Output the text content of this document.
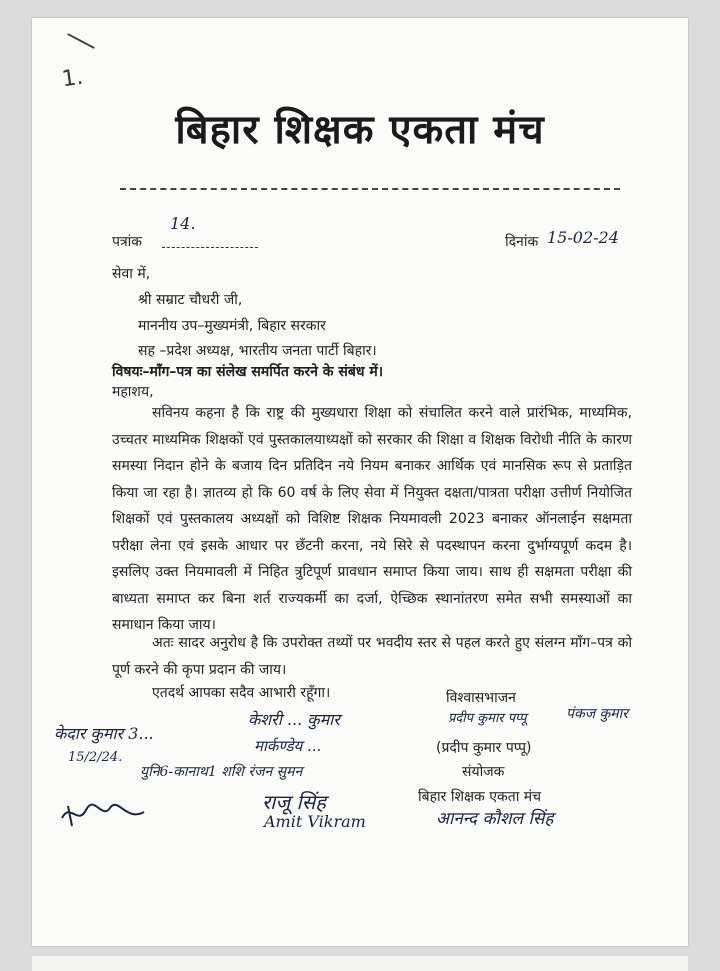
1.
बिहार शिक्षक एकता मंच
पत्रांक
14.
दिनांक 15-02-24
सेवा में,
श्री सम्राट चौधरी जी,
माननीय उप–मुख्यमंत्री, बिहार सरकार
सह –प्रदेश अध्यक्ष, भारतीय जनता पार्टी बिहार।
विषयः–माँग–पत्र का संलेख समर्पित करने के संबंध में।
महाशय,
सविनय कहना है कि राष्ट्र की मुख्यधारा शिक्षा को संचालित करने वाले प्रारंभिक, माध्यमिक, उच्चतर माध्यमिक शिक्षकों एवं पुस्तकालयाध्यक्षों को सरकार की शिक्षा व शिक्षक विरोधी नीति के कारण समस्या निदान होने के बजाय दिन प्रतिदिन नये नियम बनाकर आर्थिक एवं मानसिक रूप से प्रताड़ित किया जा रहा है। ज्ञातव्य हो कि 60 वर्ष के लिए सेवा में नियुक्त दक्षता/पात्रता परीक्षा उत्तीर्ण नियोजित शिक्षकों एवं पुस्तकालय अध्यक्षों को विशिष्ट शिक्षक नियमावली 2023 बनाकर ऑनलाईन सक्षमता परीक्षा लेना एवं इसके आधार पर छँटनी करना, नये सिरे से पदस्थापन करना दुर्भाग्यपूर्ण कदम है। इसलिए उक्त नियमावली में निहित त्रुटिपूर्ण प्रावधान समाप्त किया जाय। साथ ही सक्षमता परीक्षा की बाध्यता समाप्त कर बिना शर्त राज्यकर्मी का दर्जा, ऐच्छिक स्थानांतरण समेत सभी समस्याओं का समाधान किया जाय।
अतः सादर अनुरोध है कि उपरोक्त तथ्यों पर भवदीय स्तर से पहल करते हुए संलग्न माँग–पत्र को पूर्ण करने की कृपा प्रदान की जाय।
एतदर्थ आपका सदैव आभारी रहूँगा।	विश्वासभाजन
(प्रदीप कुमार पप्पू)
संयोजक
बिहार शिक्षक एकता मंच
केदार कुमार 3...
15/2/24.
केशरी ... कुमार
मार्कण्डेय ...
युनि6-कानाथ1 शशि रंजन सुमन
राजू सिंह
Amit Vikram
प्रदीप कुमार पप्पू	पंकज कुमार
आनन्द कौशल सिंह
